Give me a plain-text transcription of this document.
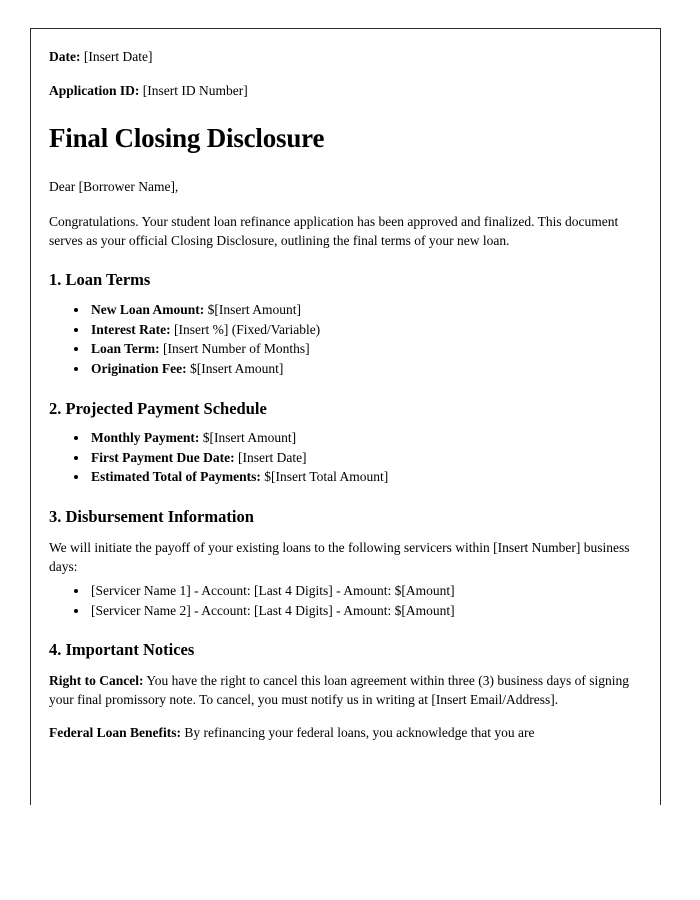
Date: [Insert Date]

Application ID: [Insert ID Number]

Final Closing Disclosure

Dear [Borrower Name],

Congratulations. Your student loan refinance application has been approved and finalized. This document serves as your official Closing Disclosure, outlining the final terms of your new loan.

1. Loan Terms
• New Loan Amount: $[Insert Amount]
• Interest Rate: [Insert %] (Fixed/Variable)
• Loan Term: [Insert Number of Months]
• Origination Fee: $[Insert Amount]
2. Projected Payment Schedule
• Monthly Payment: $[Insert Amount]
• First Payment Due Date: [Insert Date]
• Estimated Total of Payments: $[Insert Total Amount]
3. Disbursement Information

We will initiate the payoff of your existing loans to the following servicers within [Insert Number] business days:

• [Servicer Name 1] - Account: [Last 4 Digits] - Amount: $[Amount]
• [Servicer Name 2] - Account: [Last 4 Digits] - Amount: $[Amount]
4. Important Notices

Right to Cancel: You have the right to cancel this loan agreement within three (3) business days of signing your final promissory note. To cancel, you must notify us in writing at [Insert Email/Address].

Federal Loan Benefits: By refinancing your federal loans, you acknowledge that you are
